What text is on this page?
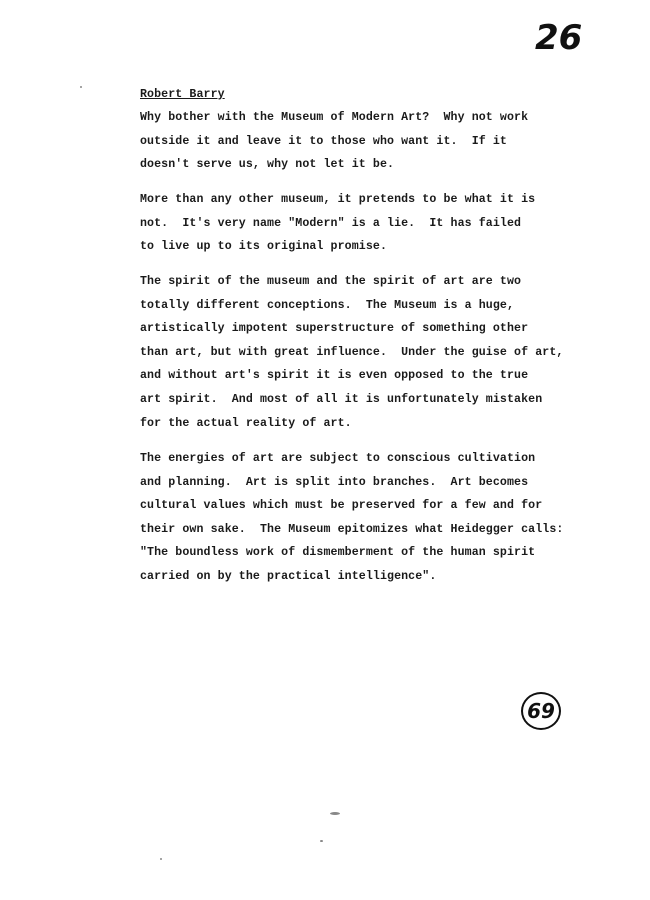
26
Robert Barry
Why bother with the Museum of Modern Art?  Why not work
outside it and leave it to those who want it.  If it
doesn't serve us, why not let it be.
More than any other museum, it pretends to be what it is
not.  It's very name "Modern" is a lie.  It has failed
to live up to its original promise.
The spirit of the museum and the spirit of art are two
totally different conceptions.  The Museum is a huge,
artistically impotent superstructure of something other
than art, but with great influence.  Under the guise of art,
and without art's spirit it is even opposed to the true
art spirit.  And most of all it is unfortunately mistaken
for the actual reality of art.
The energies of art are subject to conscious cultivation
and planning.  Art is split into branches.  Art becomes
cultural values which must be preserved for a few and for
their own sake.  The Museum epitomizes what Heidegger calls:
"The boundless work of dismemberment of the human spirit
carried on by the practical intelligence".
69
